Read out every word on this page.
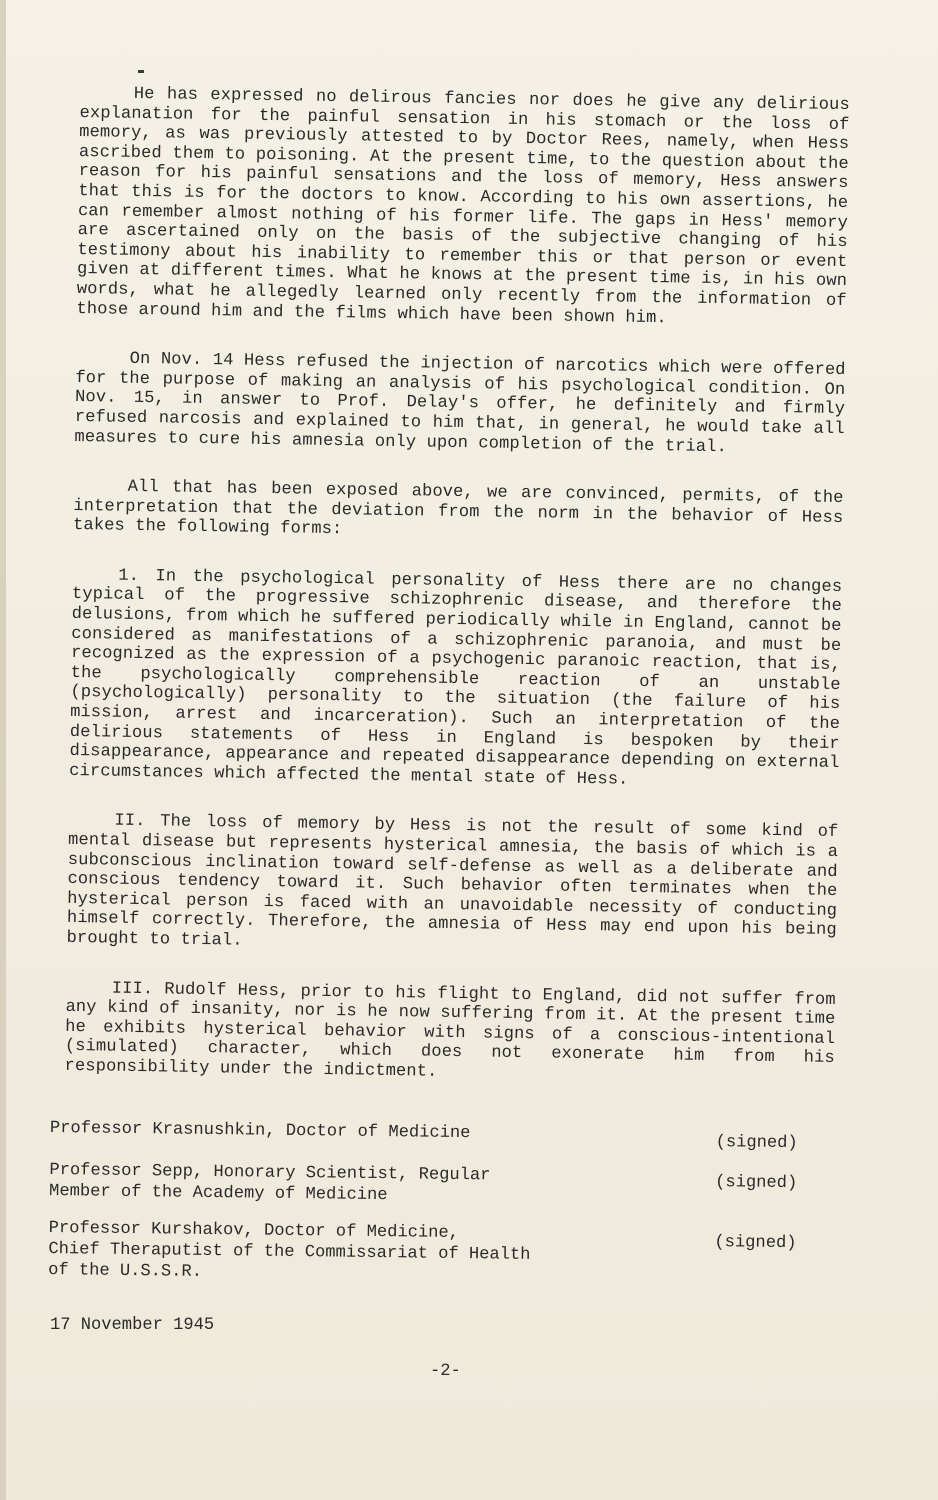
He has expressed no delirous fancies nor does he give any delirious explanation for the painful sensation in his stomach or the loss of memory, as was previously attested to by Doctor Rees, namely, when Hess ascribed them to poisoning. At the present time, to the question about the reason for his painful sensations and the loss of memory, Hess answers that this is for the doctors to know. According to his own assertions, he can remember almost nothing of his former life. The gaps in Hess' memory are ascertained only on the basis of the subjective changing of his testimony about his inability to remember this or that person or event given at different times. What he knows at the present time is, in his own words, what he allegedly learned only recently from the information of those around him and the films which have been shown him.

On Nov. 14 Hess refused the injection of narcotics which were offered for the purpose of making an analysis of his psychological condition. On Nov. 15, in answer to Prof. Delay's offer, he definitely and firmly refused narcosis and explained to him that, in general, he would take all measures to cure his amnesia only upon completion of the trial.

All that has been exposed above, we are convinced, permits, of the interpretation that the deviation from the norm in the behavior of Hess takes the following forms:

1. In the psychological personality of Hess there are no changes typical of the progressive schizophrenic disease, and therefore the delusions, from which he suffered periodically while in England, cannot be considered as manifestations of a schizophrenic paranoia, and must be recognized as the expression of a psychogenic paranoic reaction, that is, the psychologically comprehensible reaction of an unstable (psychologically) personality to the situation (the failure of his mission, arrest and incarceration). Such an interpretation of the delirious statements of Hess in England is bespoken by their disappearance, appearance and repeated disappearance depending on external circumstances which affected the mental state of Hess.

II. The loss of memory by Hess is not the result of some kind of mental disease but represents hysterical amnesia, the basis of which is a subconscious inclination toward self-defense as well as a deliberate and conscious tendency toward it. Such behavior often terminates when the hysterical person is faced with an unavoidable necessity of conducting himself correctly. Therefore, the amnesia of Hess may end upon his being brought to trial.

III. Rudolf Hess, prior to his flight to England, did not suffer from any kind of insanity, nor is he now suffering from it. At the present time he exhibits hysterical behavior with signs of a conscious-intentional (simulated) character, which does not exonerate him from his responsibility under the indictment.

Professor Krasnushkin, Doctor of Medicine	(signed)
Professor Sepp, Honorary Scientist, Regular
Member of the Academy of Medicine	(signed)
Professor Kurshakov, Doctor of Medicine,
Chief Theraputist of the Commissariat of Health
of the U.S.S.R.
(signed)
17 November 1945
-2-
